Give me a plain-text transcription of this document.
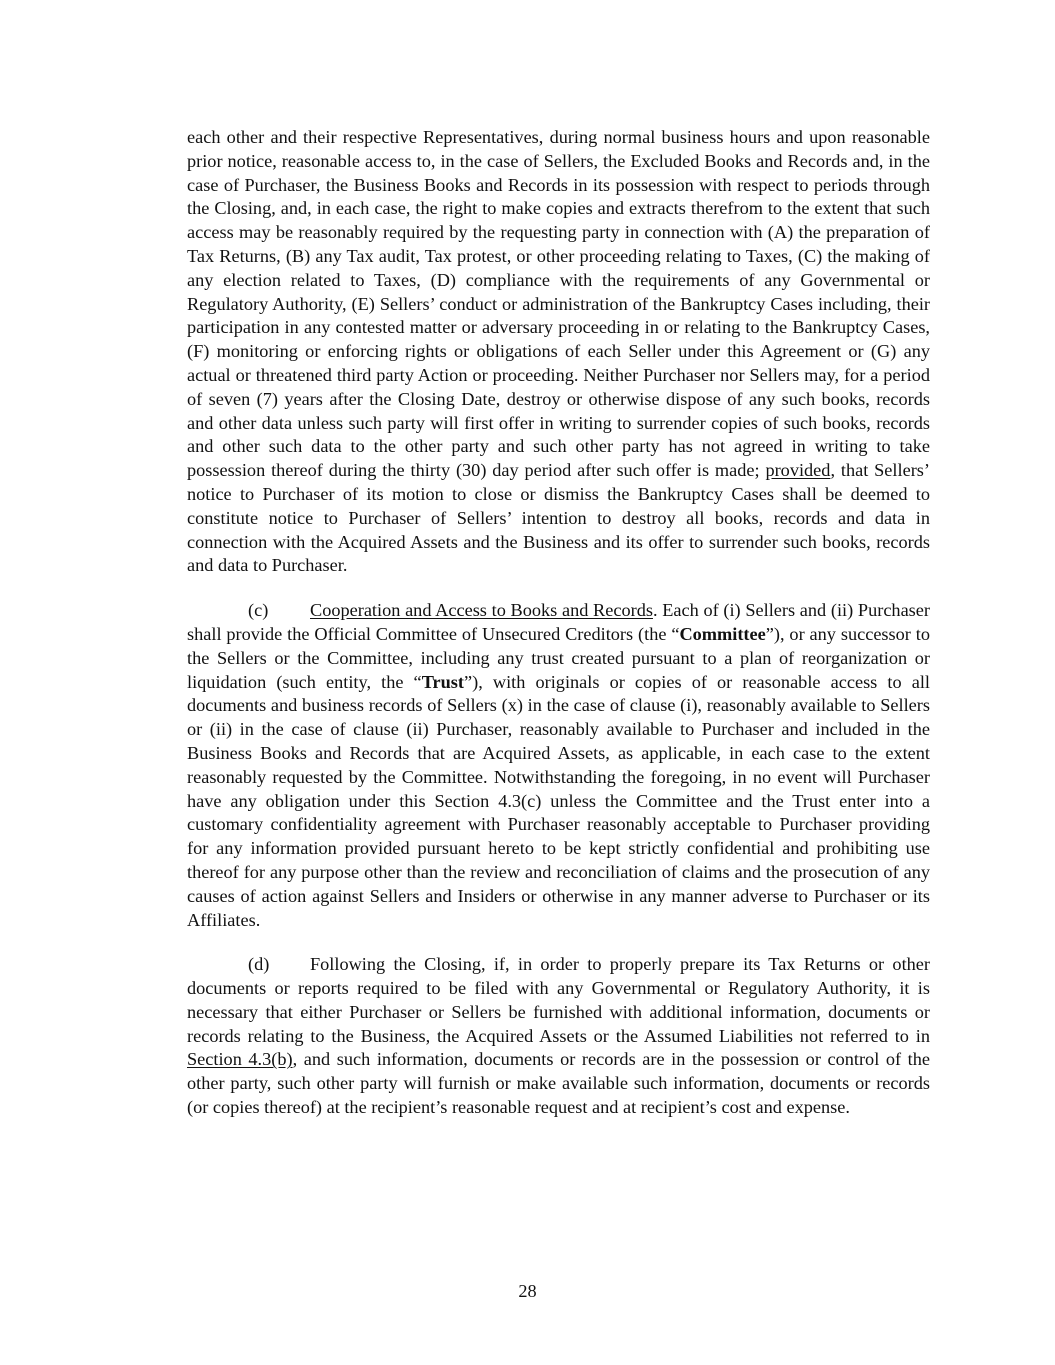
each other and their respective Representatives, during normal business hours and upon reasonable prior notice, reasonable access to, in the case of Sellers, the Excluded Books and Records and, in the case of Purchaser, the Business Books and Records in its possession with respect to periods through the Closing, and, in each case, the right to make copies and extracts therefrom to the extent that such access may be reasonably required by the requesting party in connection with (A) the preparation of Tax Returns, (B) any Tax audit, Tax protest, or other proceeding relating to Taxes, (C) the making of any election related to Taxes, (D) compliance with the requirements of any Governmental or Regulatory Authority, (E) Sellers’ conduct or administration of the Bankruptcy Cases including, their participation in any contested matter or adversary proceeding in or relating to the Bankruptcy Cases, (F) monitoring or enforcing rights or obligations of each Seller under this Agreement or (G) any actual or threatened third party Action or proceeding. Neither Purchaser nor Sellers may, for a period of seven (7) years after the Closing Date, destroy or otherwise dispose of any such books, records and other data unless such party will first offer in writing to surrender copies of such books, records and other such data to the other party and such other party has not agreed in writing to take possession thereof during the thirty (30) day period after such offer is made; provided, that Sellers’ notice to Purchaser of its motion to close or dismiss the Bankruptcy Cases shall be deemed to constitute notice to Purchaser of Sellers’ intention to destroy all books, records and data in connection with the Acquired Assets and the Business and its offer to surrender such books, records and data to Purchaser.

(c) Cooperation and Access to Books and Records. Each of (i) Sellers and (ii) Purchaser shall provide the Official Committee of Unsecured Creditors (the “Committee”), or any successor to the Sellers or the Committee, including any trust created pursuant to a plan of reorganization or liquidation (such entity, the “Trust”), with originals or copies of or reasonable access to all documents and business records of Sellers (x) in the case of clause (i), reasonably available to Sellers or (ii) in the case of clause (ii) Purchaser, reasonably available to Purchaser and included in the Business Books and Records that are Acquired Assets, as applicable, in each case to the extent reasonably requested by the Committee. Notwithstanding the foregoing, in no event will Purchaser have any obligation under this Section 4.3(c) unless the Committee and the Trust enter into a customary confidentiality agreement with Purchaser reasonably acceptable to Purchaser providing for any information provided pursuant hereto to be kept strictly confidential and prohibiting use thereof for any purpose other than the review and reconciliation of claims and the prosecution of any causes of action against Sellers and Insiders or otherwise in any manner adverse to Purchaser or its Affiliates.

(d) Following the Closing, if, in order to properly prepare its Tax Returns or other documents or reports required to be filed with any Governmental or Regulatory Authority, it is necessary that either Purchaser or Sellers be furnished with additional information, documents or records relating to the Business, the Acquired Assets or the Assumed Liabilities not referred to in Section 4.3(b), and such information, documents or records are in the possession or control of the other party, such other party will furnish or make available such information, documents or records (or copies thereof) at the recipient’s reasonable request and at recipient’s cost and expense.

28
